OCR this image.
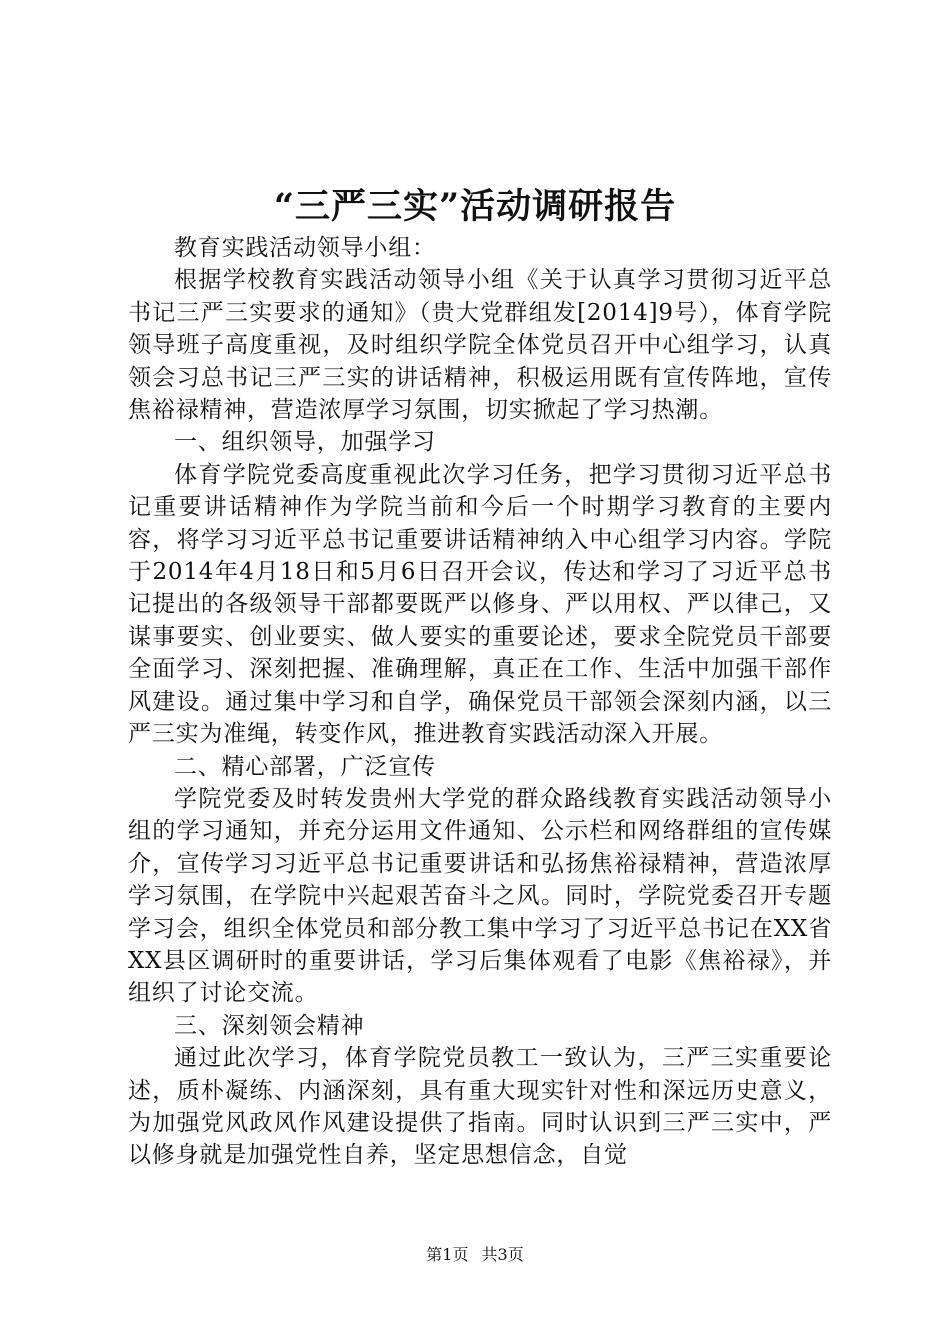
“三严三实”活动调研报告

教育实践活动领导小组：

根据学校教育实践活动领导小组《关于认真学习贯彻习近平总书记三严三实要求的通知》（贵大党群组发[2014]9号），体育学院领导班子高度重视，及时组织学院全体党员召开中心组学习，认真领会习总书记三严三实的讲话精神，积极运用既有宣传阵地，宣传焦裕禄精神，营造浓厚学习氛围，切实掀起了学习热潮。

一、组织领导，加强学习

体育学院党委高度重视此次学习任务，把学习贯彻习近平总书记重要讲话精神作为学院当前和今后一个时期学习教育的主要内容，将学习习近平总书记重要讲话精神纳入中心组学习内容。学院于2014年4月18日和5月6日召开会议，传达和学习了习近平总书记提出的各级领导干部都要既严以修身、严以用权、严以律己，又谋事要实、创业要实、做人要实的重要论述，要求全院党员干部要全面学习、深刻把握、准确理解，真正在工作、生活中加强干部作风建设。通过集中学习和自学，确保党员干部领会深刻内涵，以三严三实为准绳，转变作风，推进教育实践活动深入开展。

二、精心部署，广泛宣传

学院党委及时转发贵州大学党的群众路线教育实践活动领导小组的学习通知，并充分运用文件通知、公示栏和网络群组的宣传媒介，宣传学习习近平总书记重要讲话和弘扬焦裕禄精神，营造浓厚学习氛围，在学院中兴起艰苦奋斗之风。同时，学院党委召开专题学习会，组织全体党员和部分教工集中学习了习近平总书记在XX省XX县区调研时的重要讲话，学习后集体观看了电影《焦裕禄》，并组织了讨论交流。

三、深刻领会精神

通过此次学习，体育学院党员教工一致认为，三严三实重要论述，质朴凝练、内涵深刻，具有重大现实针对性和深远历史意义，为加强党风政风作风建设提供了指南。同时认识到三严三实中，严以修身就是加强党性自养，坚定思想信念，自觉

第1页 共3页
